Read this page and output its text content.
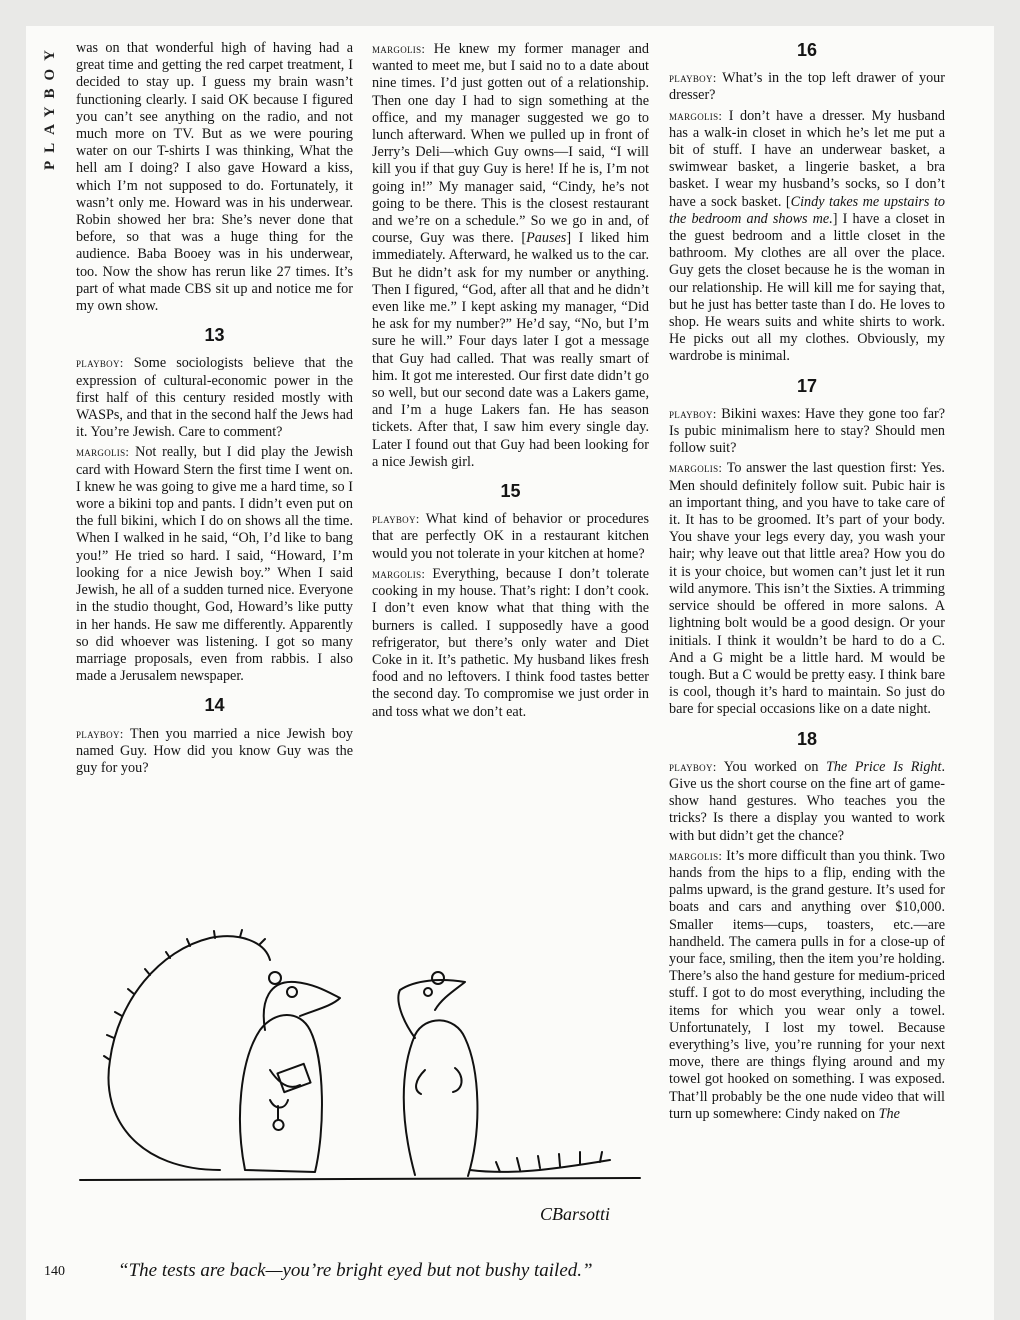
PLAYBOY was on that wonderful high of having had a great time and getting the red carpet treatment, I decided to stay up. I guess my brain wasn’t functioning clearly. I said OK because I figured you can’t see anything on the radio, and not much more on TV. But as we were pouring water on our T-shirts I was thinking, What the hell am I doing? I also gave Howard a kiss, which I’m not supposed to do. Fortunately, it wasn’t only me. Howard was in his underwear. Robin showed her bra: She’s never done that before, so that was a huge thing for the audience. Baba Booey was in his underwear, too. Now the show has rerun like 27 times. It’s part of what made CBS sit up and notice me for my own show.

13

playboy: Some sociologists believe that the expression of cultural-economic power in the first half of this century resided mostly with WASPs, and that in the second half the Jews had it. You’re Jewish. Care to comment?

margolis: Not really, but I did play the Jewish card with Howard Stern the first time I went on. I knew he was going to give me a hard time, so I wore a bikini top and pants. I didn’t even put on the full bikini, which I do on shows all the time. When I walked in he said, “Oh, I’d like to bang you!” He tried so hard. I said, “Howard, I’m looking for a nice Jewish boy.” When I said Jewish, he all of a sudden turned nice. Everyone in the studio thought, God, Howard’s like putty in her hands. He saw me differently. Apparently so did whoever was listening. I got so many marriage proposals, even from rabbis. I also made a Jerusalem newspaper.

14

playboy: Then you married a nice Jewish boy named Guy. How did you know Guy was the guy for you?

margolis: He knew my former manager and wanted to meet me, but I said no to a date about nine times. I’d just gotten out of a relationship. Then one day I had to sign something at the office, and my manager suggested we go to lunch afterward. When we pulled up in front of Jerry’s Deli—which Guy owns—I said, “I will kill you if that guy Guy is here! If he is, I’m not going in!” My manager said, “Cindy, he’s not going to be there. This is the closest restaurant and we’re on a schedule.” So we go in and, of course, Guy was there. [Pauses] I liked him immediately. Afterward, he walked us to the car. But he didn’t ask for my number or anything. Then I figured, “God, after all that and he didn’t even like me.” I kept asking my manager, “Did he ask for my number?” He’d say, “No, but I’m sure he will.” Four days later I got a message that Guy had called. That was really smart of him. It got me interested. Our first date didn’t go so well, but our second date was a Lakers game, and I’m a huge Lakers fan. He has season tickets. After that, I saw him every single day. Later I found out that Guy had been looking for a nice Jewish girl.

15

playboy: What kind of behavior or procedures that are perfectly OK in a restaurant kitchen would you not tolerate in your kitchen at home?

margolis: Everything, because I don’t tolerate cooking in my house. That’s right: I don’t cook. I don’t even know what that thing with the burners is called. I supposedly have a good refrigerator, but there’s only water and Diet Coke in it. It’s pathetic. My husband likes fresh food and no leftovers. I think food tastes better the second day. To compromise we just order in and toss what we don’t eat.

16

playboy: What’s in the top left drawer of your dresser?

margolis: I don’t have a dresser. My husband has a walk-in closet in which he’s let me put a bit of stuff. I have an underwear basket, a swimwear basket, a lingerie basket, a bra basket. I wear my husband’s socks, so I don’t have a sock basket. [Cindy takes me upstairs to the bedroom and shows me.] I have a closet in the guest bedroom and a little closet in the bathroom. My clothes are all over the place. Guy gets the closet because he is the woman in our relationship. He will kill me for saying that, but he just has better taste than I do. He loves to shop. He wears suits and white shirts to work. He picks out all my clothes. Obviously, my wardrobe is minimal.

17

playboy: Bikini waxes: Have they gone too far? Is pubic minimalism here to stay? Should men follow suit?

margolis: To answer the last question first: Yes. Men should definitely follow suit. Pubic hair is an important thing, and you have to take care of it. It has to be groomed. It’s part of your body. You shave your legs every day, you wash your hair; why leave out that little area? How you do it is your choice, but women can’t just let it run wild anymore. This isn’t the Sixties. A trimming service should be offered in more salons. A lightning bolt would be a good design. Or your initials. I think it wouldn’t be hard to do a C. And a G might be a little hard. M would be tough. But a C would be pretty easy. I think bare is cool, though it’s hard to maintain. So just do bare for special occasions like on a date night.

18

playboy: You worked on The Price Is Right. Give us the short course on the fine art of game-show hand gestures. Who teaches you the tricks? Is there a display you wanted to work with but didn’t get the chance?

margolis: It’s more difficult than you think. Two hands from the hips to a flip, ending with the palms upward, is the grand gesture. It’s used for boats and cars and anything over $10,000. Smaller items—cups, toasters, etc.—are handheld. The camera pulls in for a close-up of your face, smiling, then the item you’re holding. There’s also the hand gesture for medium-priced stuff. I got to do most everything, including the items for which you wear only a towel. Unfortunately, I lost my towel. Because everything’s live, you’re running for your next move, there are things flying around and my towel got hooked on something. I was exposed. That’ll probably be the one nude video that will turn up somewhere: Cindy naked on The

CBarsotti
“The tests are back—you’re bright eyed but not bushy tailed.”
140
